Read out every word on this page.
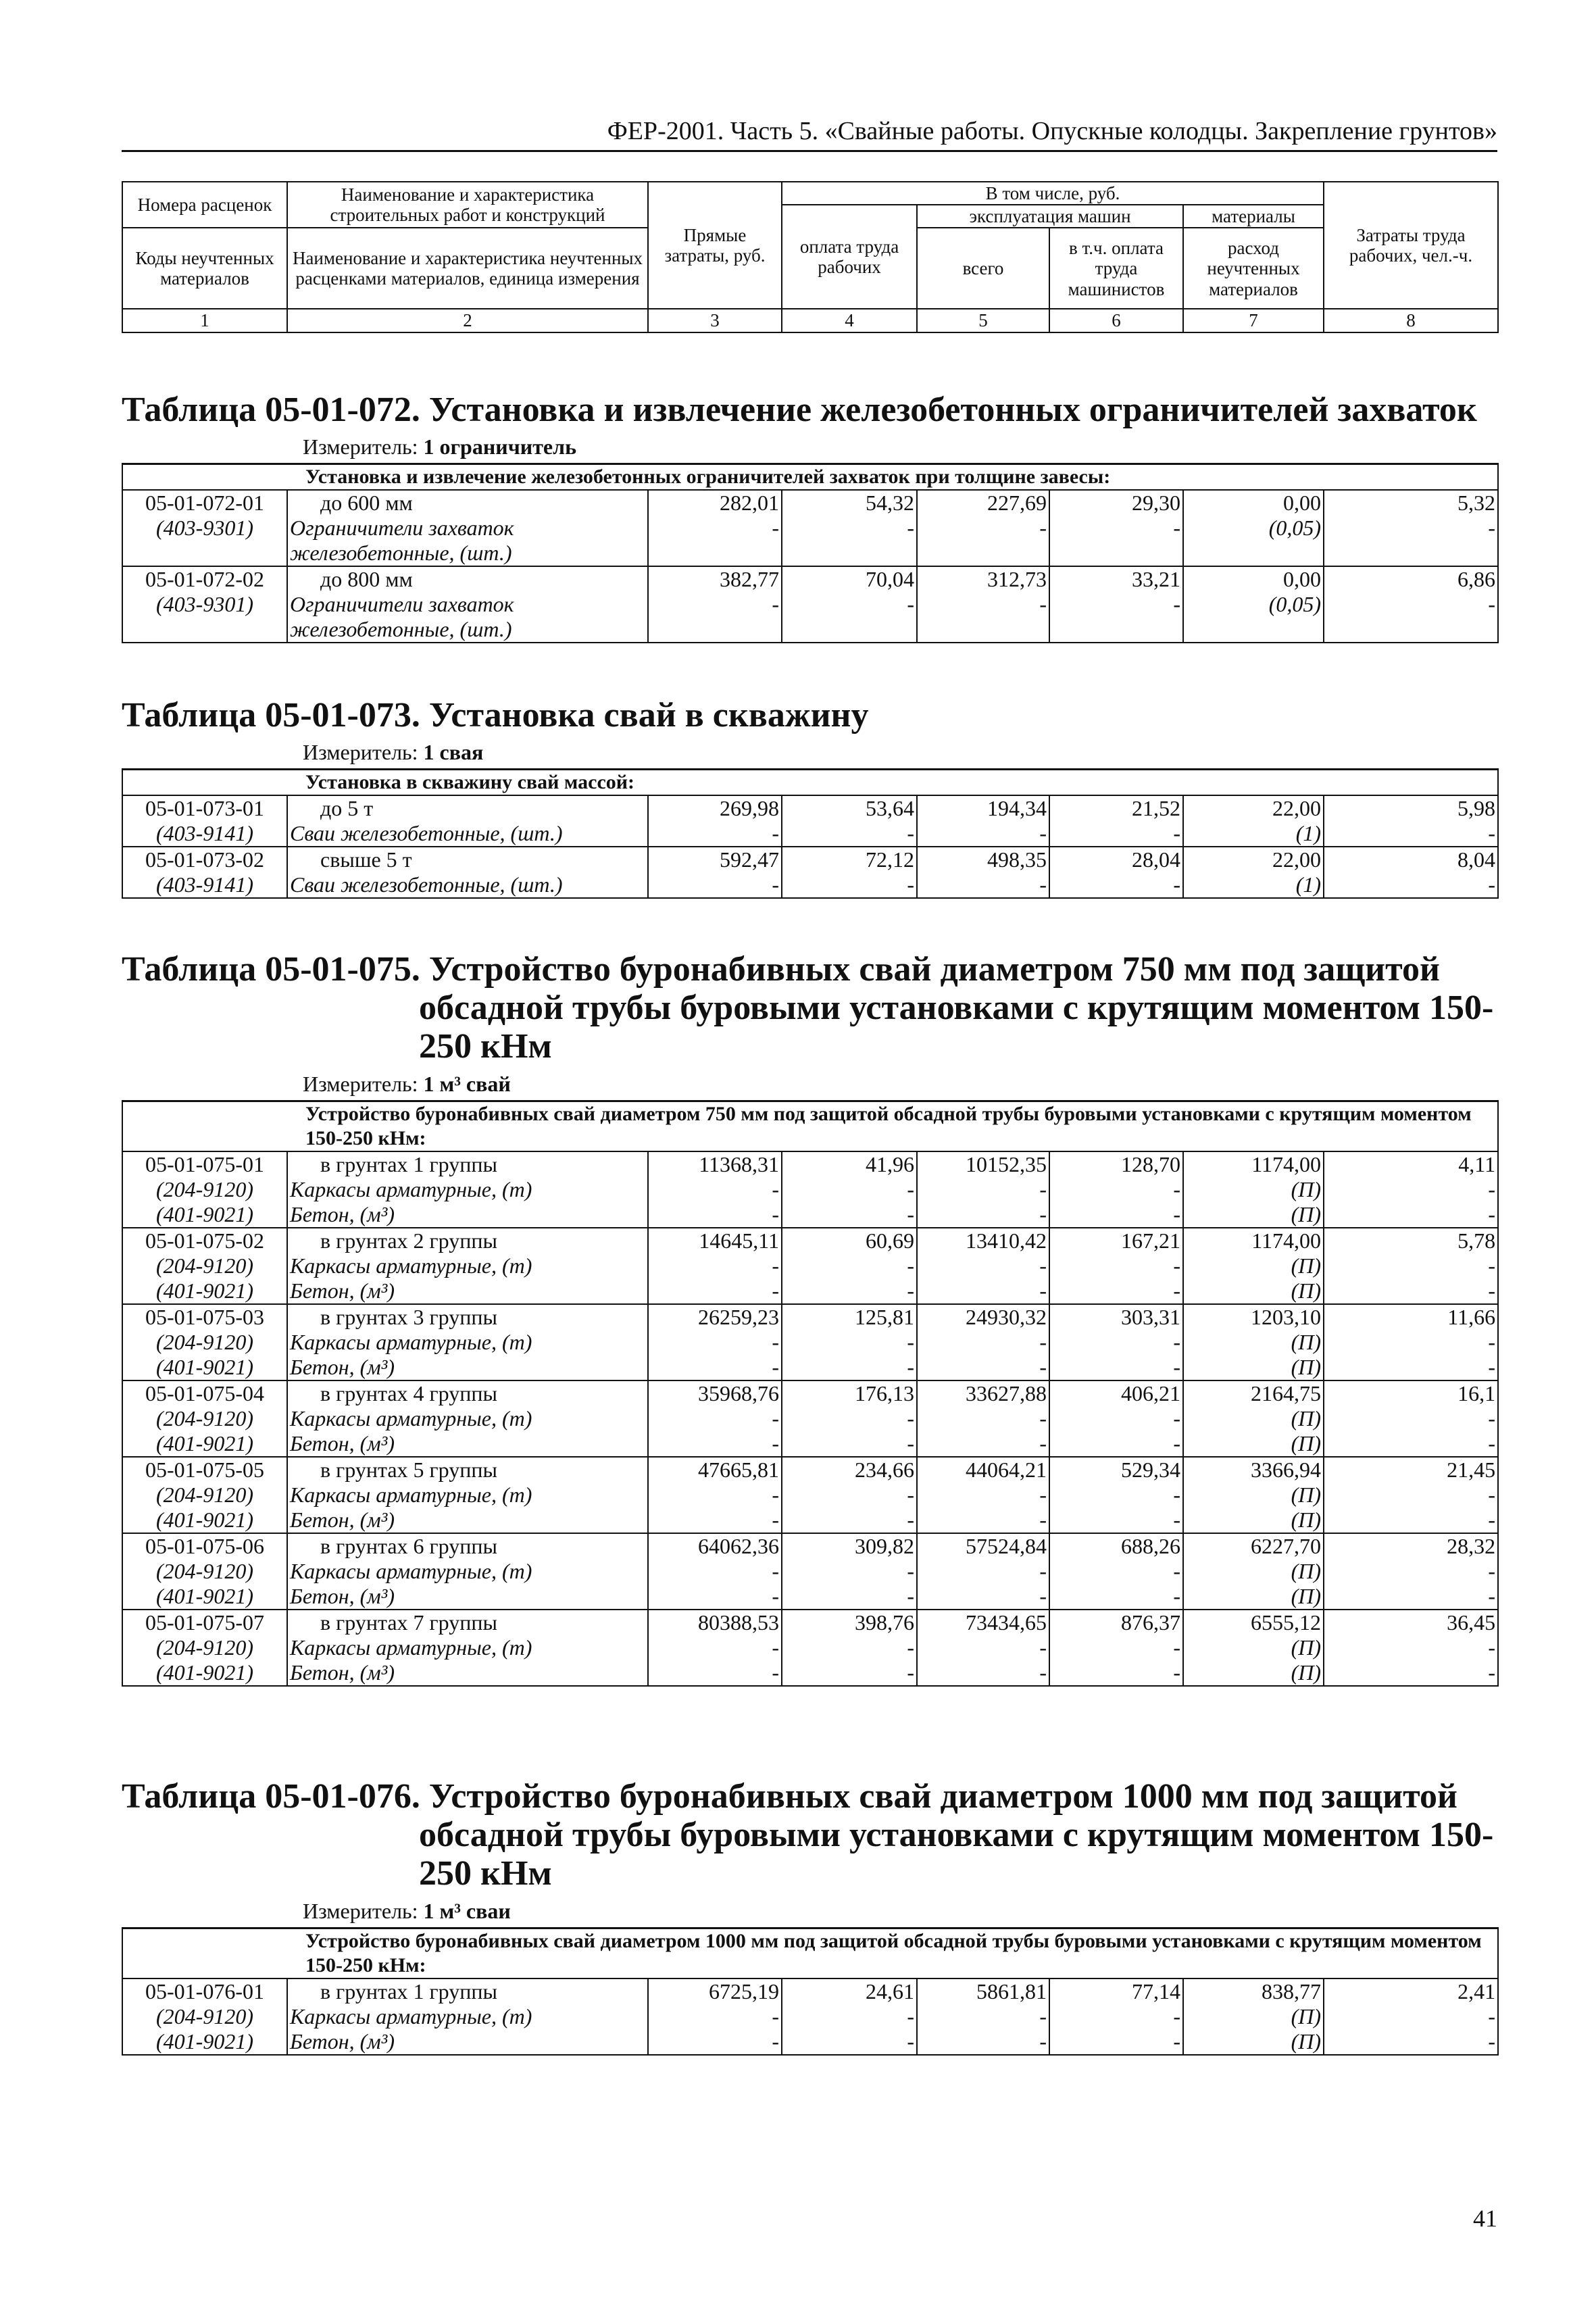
ФЕР-2001. Часть 5. «Свайные работы. Опускные колодцы. Закрепление грунтов»
Номера расценок	Наименование и характеристика строительных работ и конструкций	Прямые затраты, руб.	В том числе, руб.				Затраты труда рабочих, чел.-ч.
			оплата труда рабочих	эксплуатация машин		материалы	
Коды неучтенных материалов	Наименование и характеристика неучтенных расценками материалов, единица измерения			всего	в т.ч. оплата труда машинистов	расход неучтенных материалов	

1	2	3	4	5	6	7	8
Таблица 05-01-072. Установка и извлечение железобетонных ограничителей захваток
Измеритель: 1 ограничитель
Установка и извлечение железобетонных ограничителей захваток при толщине завесы:							
05-01-072-01	до 600 мм	282,01	54,32	227,69	29,30	0,00	5,32
(403-9301)	Ограничители захваток	-	-	-	-	(0,05)	-
	железобетонные, (шт.)						
05-01-072-02	до 800 мм	382,77	70,04	312,73	33,21	0,00	6,86
(403-9301)	Ограничители захваток	-	-	-	-	(0,05)	-
	железобетонные, (шт.)						
Таблица 05-01-073. Установка свай в скважину
Измеритель: 1 свая
Установка в скважину свай массой:							
05-01-073-01	до 5 т	269,98	53,64	194,34	21,52	22,00	5,98
(403-9141)	Сваи железобетонные, (шт.)	-	-	-	-	(1)	-
05-01-073-02	свыше 5 т	592,47	72,12	498,35	28,04	22,00	8,04
(403-9141)	Сваи железобетонные, (шт.)	-	-	-	-	(1)	-
Таблица 05-01-075. Устройство буронабивных свай диаметром 750 мм под защитой
обсадной трубы буровыми установками с крутящим моментом 150-250 кНм
Измеритель: 1 м³ свай
Устройство буронабивных свай диаметром 750 мм под защитой обсадной трубы буровыми установками с крутящим моментом 150-250 кНм:							
05-01-075-01	в грунтах 1 группы	11368,31	41,96	10152,35	128,70	1174,00	4,11
(204-9120)	Каркасы арматурные, (т)	-	-	-	-	(П)	-
(401-9021)	Бетон, (м³)	-	-	-	-	(П)	-
05-01-075-02	в грунтах 2 группы	14645,11	60,69	13410,42	167,21	1174,00	5,78
(204-9120)	Каркасы арматурные, (т)	-	-	-	-	(П)	-
(401-9021)	Бетон, (м³)	-	-	-	-	(П)	-
05-01-075-03	в грунтах 3 группы	26259,23	125,81	24930,32	303,31	1203,10	11,66
(204-9120)	Каркасы арматурные, (т)	-	-	-	-	(П)	-
(401-9021)	Бетон, (м³)	-	-	-	-	(П)	-
05-01-075-04	в грунтах 4 группы	35968,76	176,13	33627,88	406,21	2164,75	16,1
(204-9120)	Каркасы арматурные, (т)	-	-	-	-	(П)	-
(401-9021)	Бетон, (м³)	-	-	-	-	(П)	-
05-01-075-05	в грунтах 5 группы	47665,81	234,66	44064,21	529,34	3366,94	21,45
(204-9120)	Каркасы арматурные, (т)	-	-	-	-	(П)	-
(401-9021)	Бетон, (м³)	-	-	-	-	(П)	-
05-01-075-06	в грунтах 6 группы	64062,36	309,82	57524,84	688,26	6227,70	28,32
(204-9120)	Каркасы арматурные, (т)	-	-	-	-	(П)	-
(401-9021)	Бетон, (м³)	-	-	-	-	(П)	-
05-01-075-07	в грунтах 7 группы	80388,53	398,76	73434,65	876,37	6555,12	36,45
(204-9120)	Каркасы арматурные, (т)	-	-	-	-	(П)	-
(401-9021)	Бетон, (м³)	-	-	-	-	(П)	-
Таблица 05-01-076. Устройство буронабивных свай диаметром 1000 мм под защитой
обсадной трубы буровыми установками с крутящим моментом 150-250 кНм
Измеритель: 1 м³ сваи
Устройство буронабивных свай диаметром 1000 мм под защитой обсадной трубы буровыми установками с крутящим моментом 150-250 кНм:							
05-01-076-01	в грунтах 1 группы	6725,19	24,61	5861,81	77,14	838,77	2,41
(204-9120)	Каркасы арматурные, (т)	-	-	-	-	(П)	-
(401-9021)	Бетон, (м³)	-	-	-	-	(П)	-
41
